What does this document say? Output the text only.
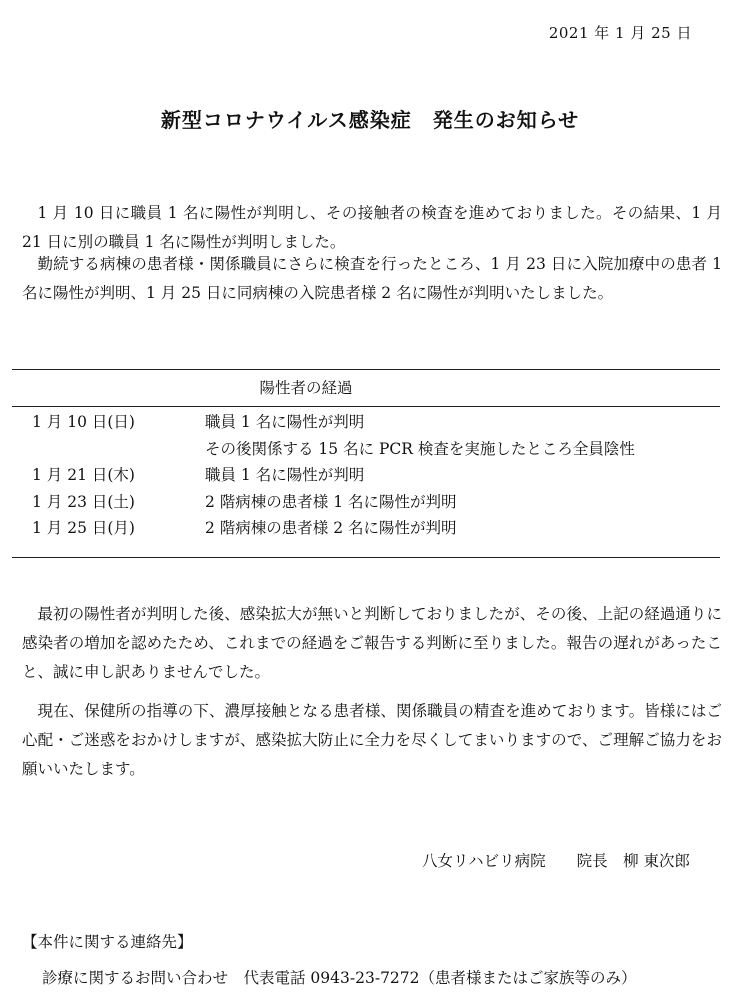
2021 年 1 月 25 日
新型コロナウイルス感染症　発生のお知らせ

1 月 10 日に職員 1 名に陽性が判明し、その接触者の検査を進めておりました。その結果、1 月 21 日に別の職員 1 名に陽性が判明しました。

勤続する病棟の患者様・関係職員にさらに検査を行ったところ、1 月 23 日に入院加療中の患者 1 名に陽性が判明、1 月 25 日に同病棟の入院患者様 2 名に陽性が判明いたしました。

陽性者の経過
1 月 10 日(日)	職員 1 名に陽性が判明
その後関係する 15 名に PCR 検査を実施したところ全員陰性
1 月 21 日(木)	職員 1 名に陽性が判明
1 月 23 日(土)	2 階病棟の患者様 1 名に陽性が判明
1 月 25 日(月)	2 階病棟の患者様 2 名に陽性が判明

最初の陽性者が判明した後、感染拡大が無いと判断しておりましたが、その後、上記の経過通りに感染者の増加を認めたため、これまでの経過をご報告する判断に至りました。報告の遅れがあったこと、誠に申し訳ありませんでした。

現在、保健所の指導の下、濃厚接触となる患者様、関係職員の精査を進めております。皆様にはご心配・ご迷惑をおかけしますが、感染拡大防止に全力を尽くしてまいりますので、ご理解ご協力をお願いいたします。

八女リハビリ病院　　院長　柳 東次郎
【本件に関する連絡先】
診療に関するお問い合わせ　代表電話 0943-23-7272（患者様またはご家族等のみ）
